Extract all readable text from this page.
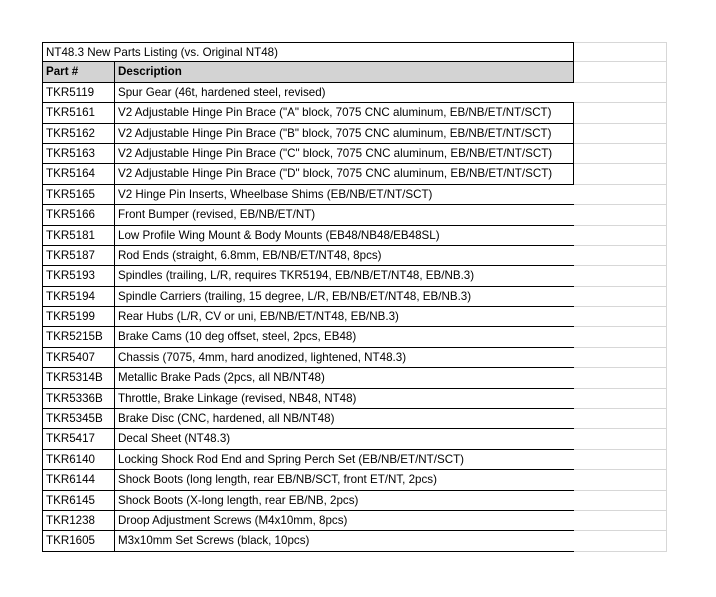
NT48.3 New Parts Listing (vs. Original NT48)
Part #	Description
TKR5119	Spur Gear (46t, hardened steel, revised)
TKR5161	V2 Adjustable Hinge Pin Brace ("A" block, 7075 CNC aluminum, EB/NB/ET/NT/SCT)
TKR5162	V2 Adjustable Hinge Pin Brace ("B" block, 7075 CNC aluminum, EB/NB/ET/NT/SCT)
TKR5163	V2 Adjustable Hinge Pin Brace ("C" block, 7075 CNC aluminum, EB/NB/ET/NT/SCT)
TKR5164	V2 Adjustable Hinge Pin Brace ("D" block, 7075 CNC aluminum, EB/NB/ET/NT/SCT)
TKR5165	V2 Hinge Pin Inserts, Wheelbase Shims (EB/NB/ET/NT/SCT)
TKR5166	Front Bumper (revised, EB/NB/ET/NT)
TKR5181	Low Profile Wing Mount & Body Mounts (EB48/NB48/EB48SL)
TKR5187	Rod Ends (straight, 6.8mm, EB/NB/ET/NT48, 8pcs)
TKR5193	Spindles (trailing, L/R, requires TKR5194, EB/NB/ET/NT48, EB/NB.3)
TKR5194	Spindle Carriers (trailing, 15 degree, L/R, EB/NB/ET/NT48, EB/NB.3)
TKR5199	Rear Hubs (L/R, CV or uni, EB/NB/ET/NT48, EB/NB.3)
TKR5215B	Brake Cams (10 deg offset, steel, 2pcs, EB48)
TKR5407	Chassis (7075, 4mm, hard anodized, lightened, NT48.3)
TKR5314B	Metallic Brake Pads (2pcs, all NB/NT48)
TKR5336B	Throttle, Brake Linkage (revised, NB48, NT48)
TKR5345B	Brake Disc (CNC, hardened, all NB/NT48)
TKR5417	Decal Sheet (NT48.3)
TKR6140	Locking Shock Rod End and Spring Perch Set (EB/NB/ET/NT/SCT)
TKR6144	Shock Boots (long length, rear EB/NB/SCT, front ET/NT, 2pcs)
TKR6145	Shock Boots (X-long length, rear EB/NB, 2pcs)
TKR1238	Droop Adjustment Screws (M4x10mm, 8pcs)
TKR1605	M3x10mm Set Screws (black, 10pcs)
